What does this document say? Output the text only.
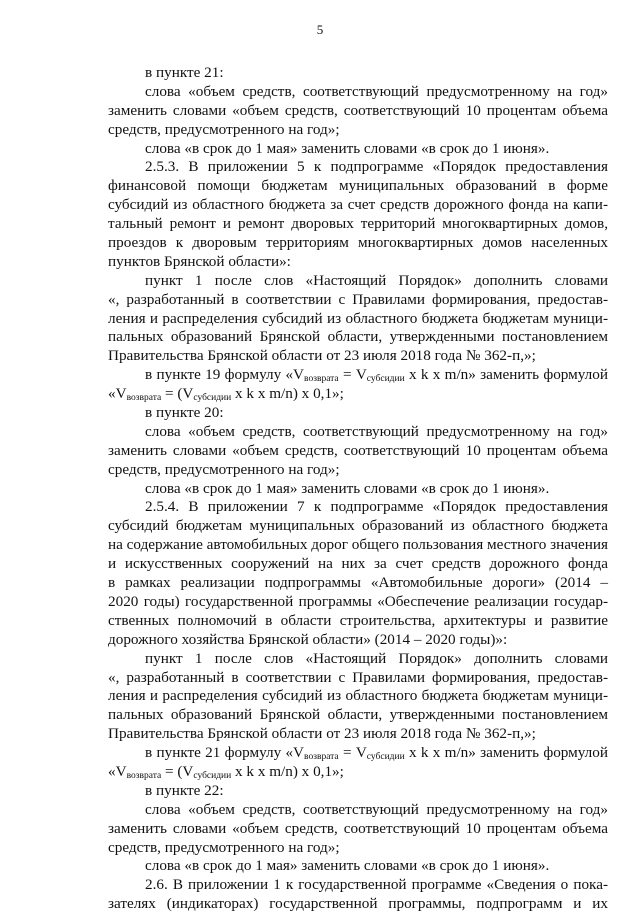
5
в пункте 21:
слова «объем средств, соответствующий предусмотренному на год»
заменить словами «объем средств, соответствующий 10 процентам объема
средств, предусмотренного на год»;
слова «в срок до 1 мая» заменить словами «в срок до 1 июня».
2.5.3. В приложении 5 к подпрограмме «Порядок предоставления
финансовой помощи бюджетам муниципальных образований в форме
субсидий из областного бюджета за счет средств дорожного фонда на капи-
тальный ремонт и ремонт дворовых территорий многоквартирных домов,
проездов к дворовым территориям многоквартирных домов населенных
пунктов Брянской области»:
пункт 1 после слов «Настоящий Порядок» дополнить словами
«, разработанный в соответствии с Правилами формирования, предостав-
ления и распределения субсидий из областного бюджета бюджетам муници-
пальных образований Брянской области, утвержденными постановлением
Правительства Брянской области от 23 июля 2018 года № 362-п,»;
в пункте 19 формулу «$V_{возврата} = V_{субсидии}$ x k x m/n» заменить формулой
«$V_{возврата} = (V_{субсидии}$ x k x m/n) x 0,1»;
в пункте 20:
слова «объем средств, соответствующий предусмотренному на год»
заменить словами «объем средств, соответствующий 10 процентам объема
средств, предусмотренного на год»;
слова «в срок до 1 мая» заменить словами «в срок до 1 июня».
2.5.4. В приложении 7 к подпрограмме «Порядок предоставления
субсидий бюджетам муниципальных образований из областного бюджета
на содержание автомобильных дорог общего пользования местного значения
и искусственных сооружений на них за счет средств дорожного фонда
в рамках реализации подпрограммы «Автомобильные дороги» (2014 –
2020 годы) государственной программы «Обеспечение реализации государ-
ственных полномочий в области строительства, архитектуры и развитие
дорожного хозяйства Брянской области» (2014 – 2020 годы)»:
пункт 1 после слов «Настоящий Порядок» дополнить словами
«, разработанный в соответствии с Правилами формирования, предостав-
ления и распределения субсидий из областного бюджета бюджетам муници-
пальных образований Брянской области, утвержденными постановлением
Правительства Брянской области от 23 июля 2018 года № 362-п,»;
в пункте 21 формулу «$V_{возврата} = V_{субсидии}$ x k x m/n» заменить формулой
«$V_{возврата} = (V_{субсидии}$ x k x m/n) x 0,1»;
в пункте 22:
слова «объем средств, соответствующий предусмотренному на год»
заменить словами «объем средств, соответствующий 10 процентам объема
средств, предусмотренного на год»;
слова «в срок до 1 мая» заменить словами «в срок до 1 июня».
2.6. В приложении 1 к государственной программе «Сведения о пока-
зателях (индикаторах) государственной программы, подпрограмм и их
